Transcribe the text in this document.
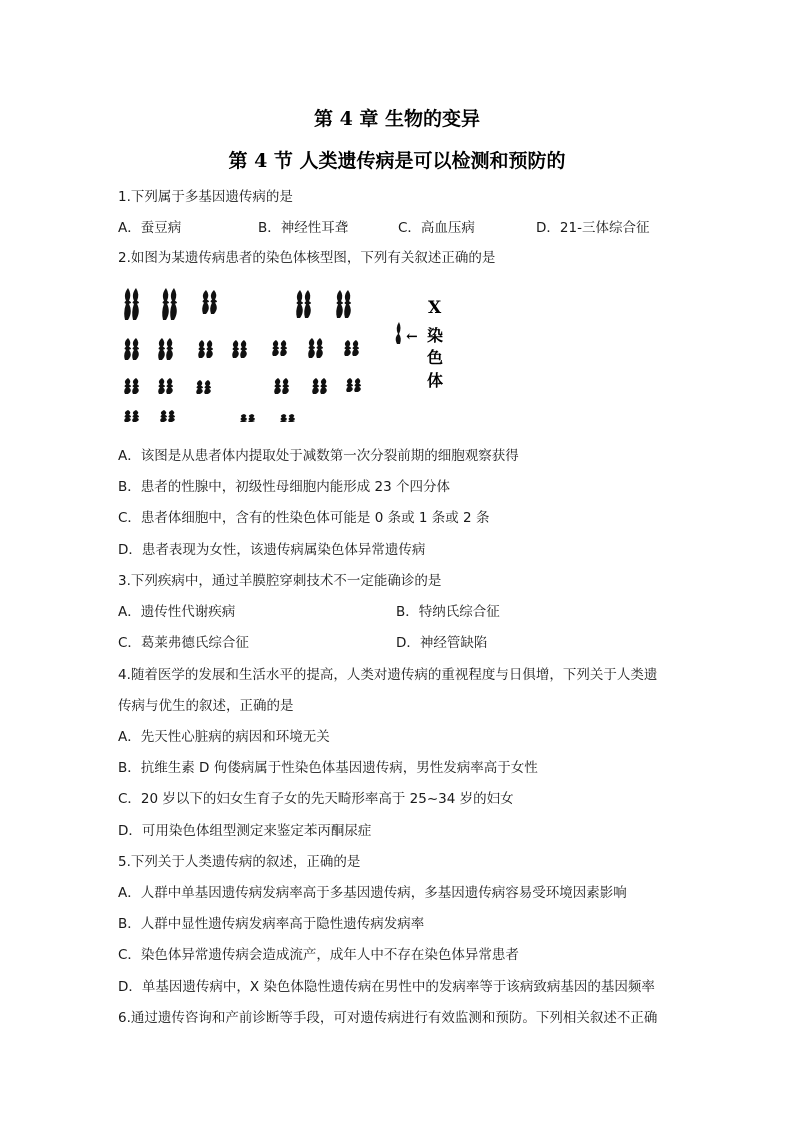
第 4 章 生物的变异
第 4 节 人类遗传病是可以检测和预防的
1.下列属于多基因遗传病的是
A．蚕豆病	B．神经性耳聋	C．高血压病	D．21-三体综合征
2.如图为某遗传病患者的染色体核型图，下列有关叙述正确的是
←
X
染
色
体
A．该图是从患者体内提取处于减数第一次分裂前期的细胞观察获得
B．患者的性腺中，初级性母细胞内能形成 23 个四分体
C．患者体细胞中，含有的性染色体可能是 0 条或 1 条或 2 条
D．患者表现为女性，该遗传病属染色体异常遗传病
3.下列疾病中，通过羊膜腔穿刺技术不一定能确诊的是
A．遗传性代谢疾病	B．特纳氏综合征
C．葛莱弗德氏综合征	D．神经管缺陷
4.随着医学的发展和生活水平的提高，人类对遗传病的重视程度与日俱增，下列关于人类遗
传病与优生的叙述，正确的是
A．先天性心脏病的病因和环境无关
B．抗维生素 D 佝偻病属于性染色体基因遗传病，男性发病率高于女性
C．20 岁以下的妇女生育子女的先天畸形率高于 25~34 岁的妇女
D．可用染色体组型测定来鉴定苯丙酮尿症
5.下列关于人类遗传病的叙述，正确的是
A．人群中单基因遗传病发病率高于多基因遗传病，多基因遗传病容易受环境因素影响
B．人群中显性遗传病发病率高于隐性遗传病发病率
C．染色体异常遗传病会造成流产，成年人中不存在染色体异常患者
D．单基因遗传病中，X 染色体隐性遗传病在男性中的发病率等于该病致病基因的基因频率
6.通过遗传咨询和产前诊断等手段，可对遗传病进行有效监测和预防。下列相关叙述不正确
